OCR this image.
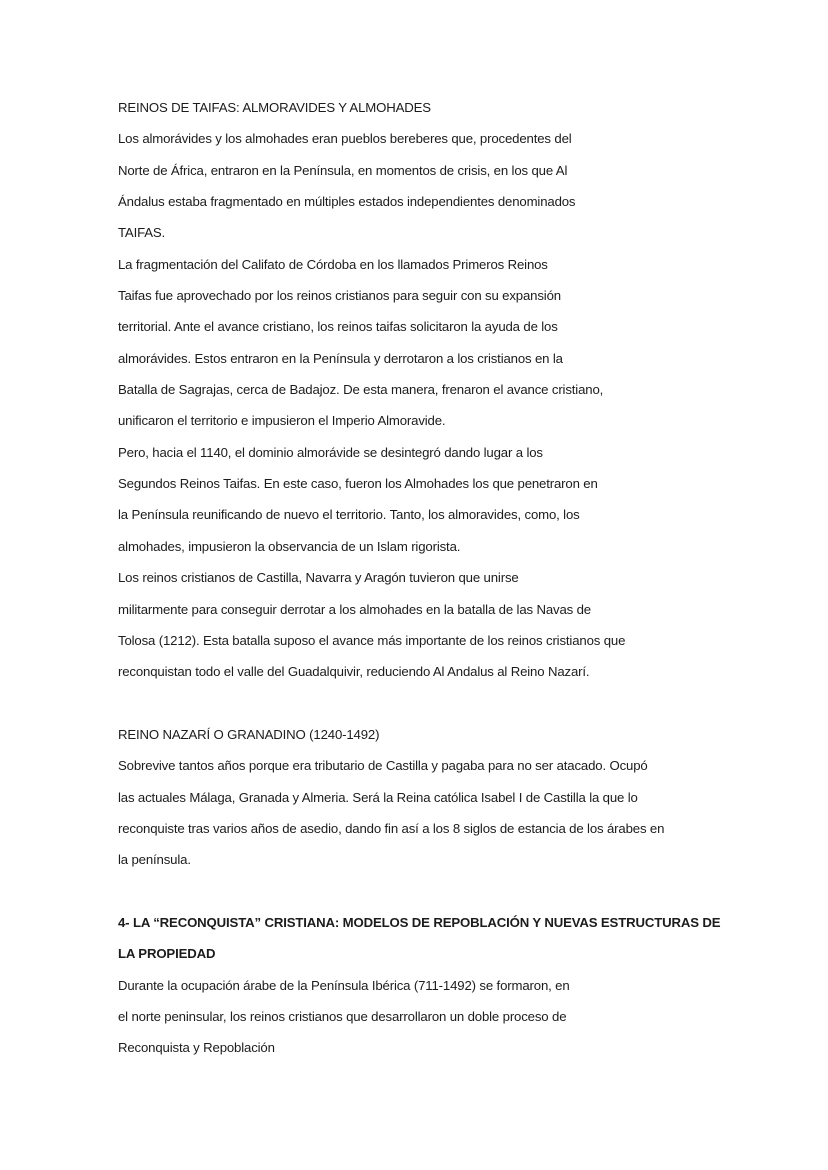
REINOS DE TAIFAS: ALMORAVIDES Y ALMOHADES
Los almorávides y los almohades eran pueblos bereberes que, procedentes del
Norte de África, entraron en la Península, en momentos de crisis, en los que Al
Ándalus estaba fragmentado en múltiples estados independientes denominados
TAIFAS.
La fragmentación del Califato de Córdoba en los llamados Primeros Reinos
Taifas fue aprovechado por los reinos cristianos para seguir con su expansión
territorial. Ante el avance cristiano, los reinos taifas solicitaron la ayuda de los
almorávides. Estos entraron en la Península y derrotaron a los cristianos en la
Batalla de Sagrajas, cerca de Badajoz. De esta manera, frenaron el avance cristiano,
unificaron el territorio e impusieron el Imperio Almoravide.
Pero, hacia el 1140, el dominio almorávide se desintegró dando lugar a los
Segundos Reinos Taifas. En este caso, fueron los Almohades los que penetraron en
la Península reunificando de nuevo el territorio. Tanto, los almoravides, como, los
almohades, impusieron la observancia de un Islam rigorista.
Los reinos cristianos de Castilla, Navarra y Aragón tuvieron que unirse
militarmente para conseguir derrotar a los almohades en la batalla de las Navas de
Tolosa (1212). Esta batalla suposo el avance más importante de los reinos cristianos que
reconquistan todo el valle del Guadalquivir, reduciendo Al Andalus al Reino Nazarí.
REINO NAZARÍ O GRANADINO (1240-1492)
Sobrevive tantos años porque era tributario de Castilla y pagaba para no ser atacado. Ocupó
las actuales Málaga, Granada y Almeria. Será la Reina católica Isabel I de Castilla la que lo
reconquiste tras varios años de asedio, dando fin así a los 8 siglos de estancia de los árabes en
la península.
4- LA “RECONQUISTA” CRISTIANA: MODELOS DE REPOBLACIÓN Y NUEVAS ESTRUCTURAS DE
LA PROPIEDAD
Durante la ocupación árabe de la Península Ibérica (711-1492) se formaron, en
el norte peninsular, los reinos cristianos que desarrollaron un doble proceso de
Reconquista y Repoblación
